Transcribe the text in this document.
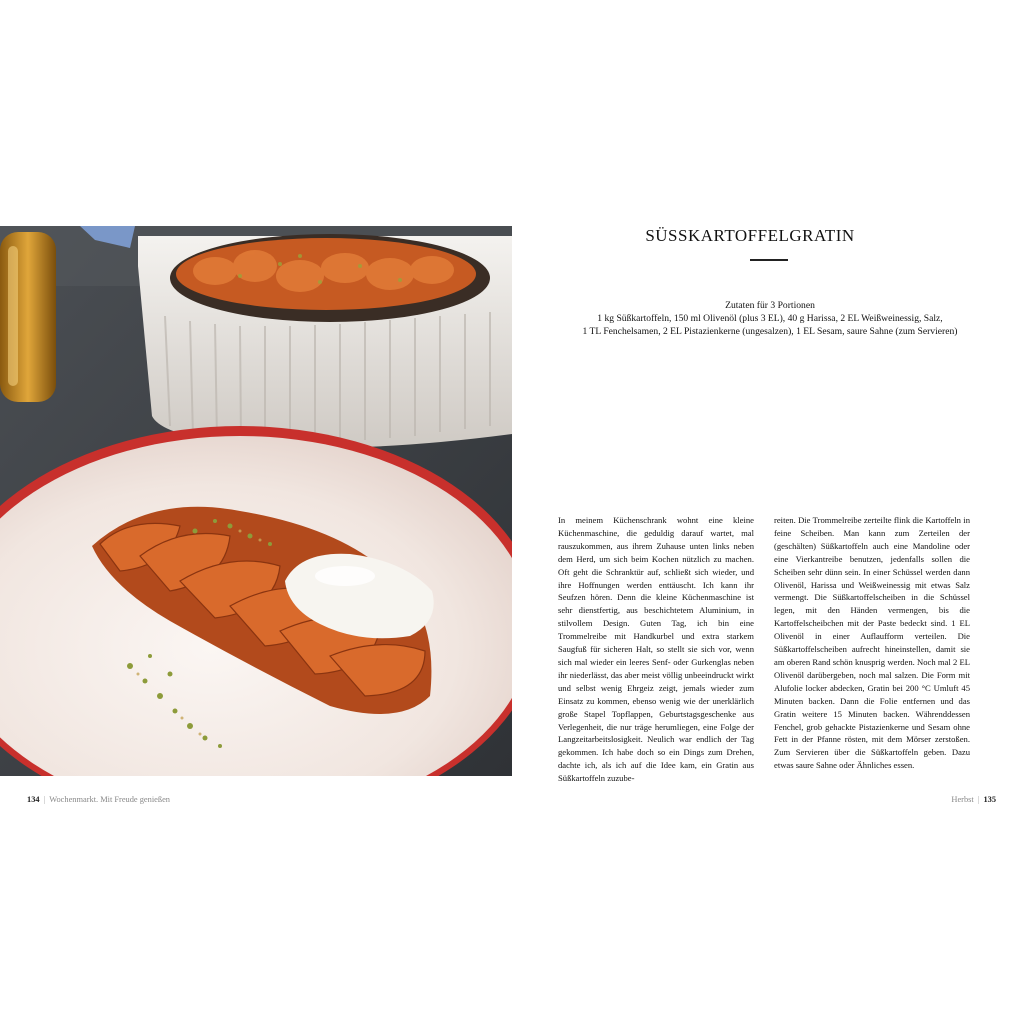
SÜSSKARTOFFELGRATIN
Zutaten für 3 Portionen
1 kg Süßkartoffeln, 150 ml Olivenöl (plus 3 EL), 40 g Harissa, 2 EL Weißweinessig, Salz,
1 TL Fenchelsamen, 2 EL Pistazienkerne (ungesalzen), 1 EL Sesam, saure Sahne (zum Servieren)

In meinem Küchenschrank wohnt eine kleine Küchenmaschine, die geduldig darauf wartet, mal rauszukommen, aus ihrem Zuhause unten links neben dem Herd, um sich beim Kochen nützlich zu machen. Oft geht die Schranktür auf, schließt sich wieder, und ihre Hoffnungen werden enttäuscht. Ich kann ihr Seufzen hören. Denn die kleine Küchenmaschine ist sehr dienstfertig, aus beschichtetem Aluminium, in stilvollem Design. Guten Tag, ich bin eine Trommelreibe mit Handkurbel und extra starkem Saugfuß für sicheren Halt, so stellt sie sich vor, wenn sich mal wieder ein leeres Senf- oder Gurkenglas neben ihr niederlässt, das aber meist völlig unbeeindruckt wirkt und selbst wenig Ehrgeiz zeigt, jemals wieder zum Einsatz zu kommen, ebenso wenig wie der unerklärlich große Stapel Topflappen, Geburtstagsgeschenke aus Verlegenheit, die nur träge herumliegen, eine Folge der Langzeitarbeitslosigkeit. Neulich war endlich der Tag gekommen. Ich habe doch so ein Dings zum Drehen, dachte ich, als ich auf die Idee kam, ein Gratin aus Süßkartoffeln zuzube-

reiten. Die Trommelreibe zerteilte flink die Kartoffeln in feine Scheiben. Man kann zum Zerteilen der (geschälten) Süßkartoffeln auch eine Mandoline oder eine Vierkantreibe benutzen, jedenfalls sollen die Scheiben sehr dünn sein. In einer Schüssel werden dann Olivenöl, Harissa und Weißweinessig mit etwas Salz vermengt. Die Süßkartoffelscheiben in die Schüssel legen, mit den Händen vermengen, bis die Kartoffelscheibchen mit der Paste bedeckt sind. 1 EL Olivenöl in einer Auflaufform verteilen. Die Süßkartoffelscheiben aufrecht hineinstellen, damit sie am oberen Rand schön knusprig werden. Noch mal 2 EL Olivenöl darübergeben, noch mal salzen. Die Form mit Alufolie locker abdecken, Gratin bei 200 °C Umluft 45 Minuten backen. Dann die Folie entfernen und das Gratin weitere 15 Minuten backen. Währenddessen Fenchel, grob gehackte Pistazienkerne und Sesam ohne Fett in der Pfanne rösten, mit dem Mörser zerstoßen. Zum Servieren über die Süßkartoffeln geben. Dazu etwas saure Sahne oder Ähnliches essen.

134 | Wochenmarkt. Mit Freude genießen	Herbst | 135
